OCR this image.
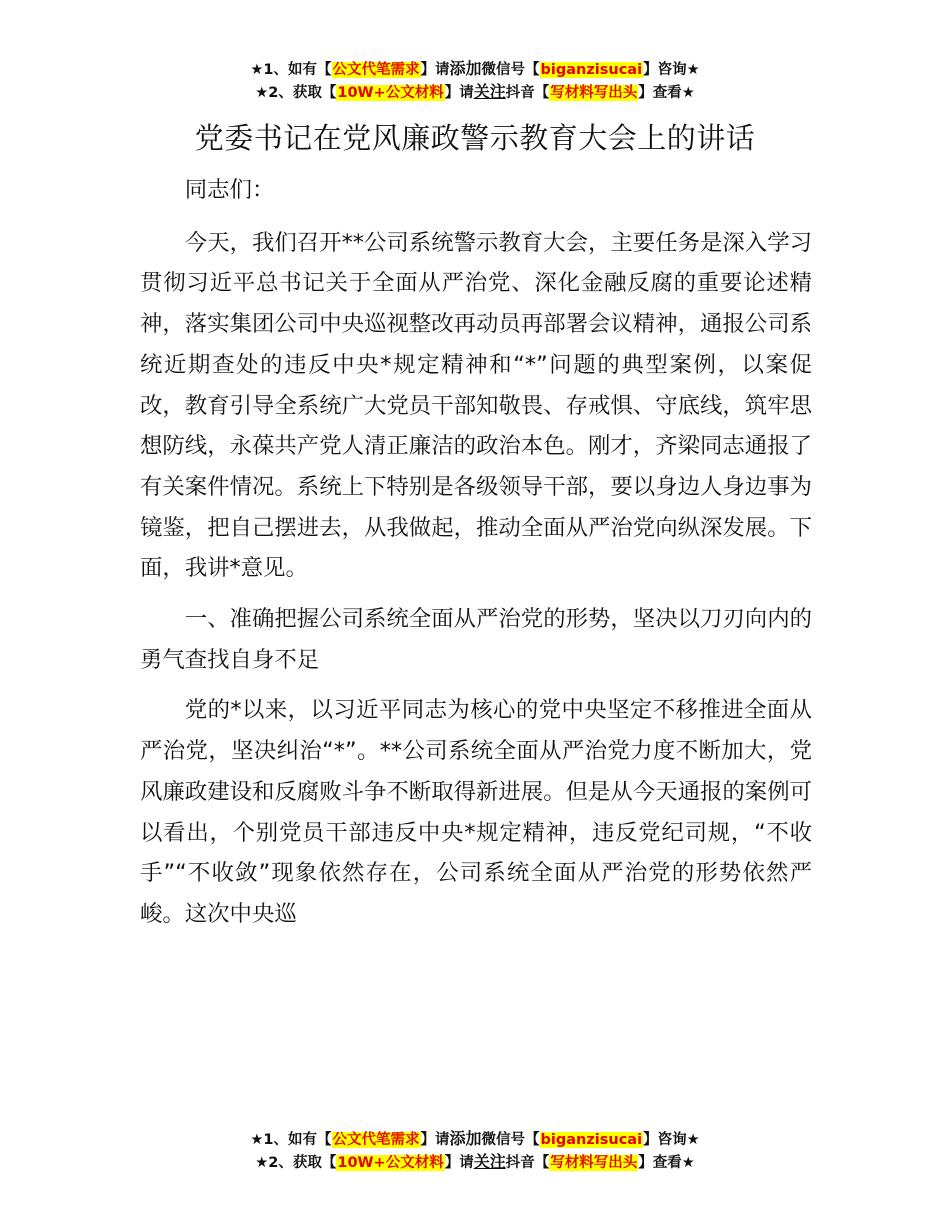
★1、如有【公文代笔需求】请添加微信号【biganzisucai】咨询★
★2、获取【10W+公文材料】请关注抖音【写材料写出头】查看★
党委书记在党风廉政警示教育大会上的讲话

同志们：

今天，我们召开**公司系统警示教育大会，主要任务是深入学习贯彻习近平总书记关于全面从严治党、深化金融反腐的重要论述精神，落实集团公司中央巡视整改再动员再部署会议精神，通报公司系统近期查处的违反中央*规定精神和“*”问题的典型案例，以案促改，教育引导全系统广大党员干部知敬畏、存戒惧、守底线，筑牢思想防线，永葆共产党人清正廉洁的政治本色。刚才，齐梁同志通报了有关案件情况。系统上下特别是各级领导干部，要以身边人身边事为镜鉴，把自己摆进去，从我做起，推动全面从严治党向纵深发展。下面，我讲*意见。

一、准确把握公司系统全面从严治党的形势，坚决以刀刃向内的勇气查找自身不足

党的*以来，以习近平同志为核心的党中央坚定不移推进全面从严治党，坚决纠治“*”。**公司系统全面从严治党力度不断加大，党风廉政建设和反腐败斗争不断取得新进展。但是从今天通报的案例可以看出，个别党员干部违反中央*规定精神，违反党纪司规，“不收手”“不收敛”现象依然存在，公司系统全面从严治党的形势依然严峻。这次中央巡

★1、如有【公文代笔需求】请添加微信号【biganzisucai】咨询★
★2、获取【10W+公文材料】请关注抖音【写材料写出头】查看★
